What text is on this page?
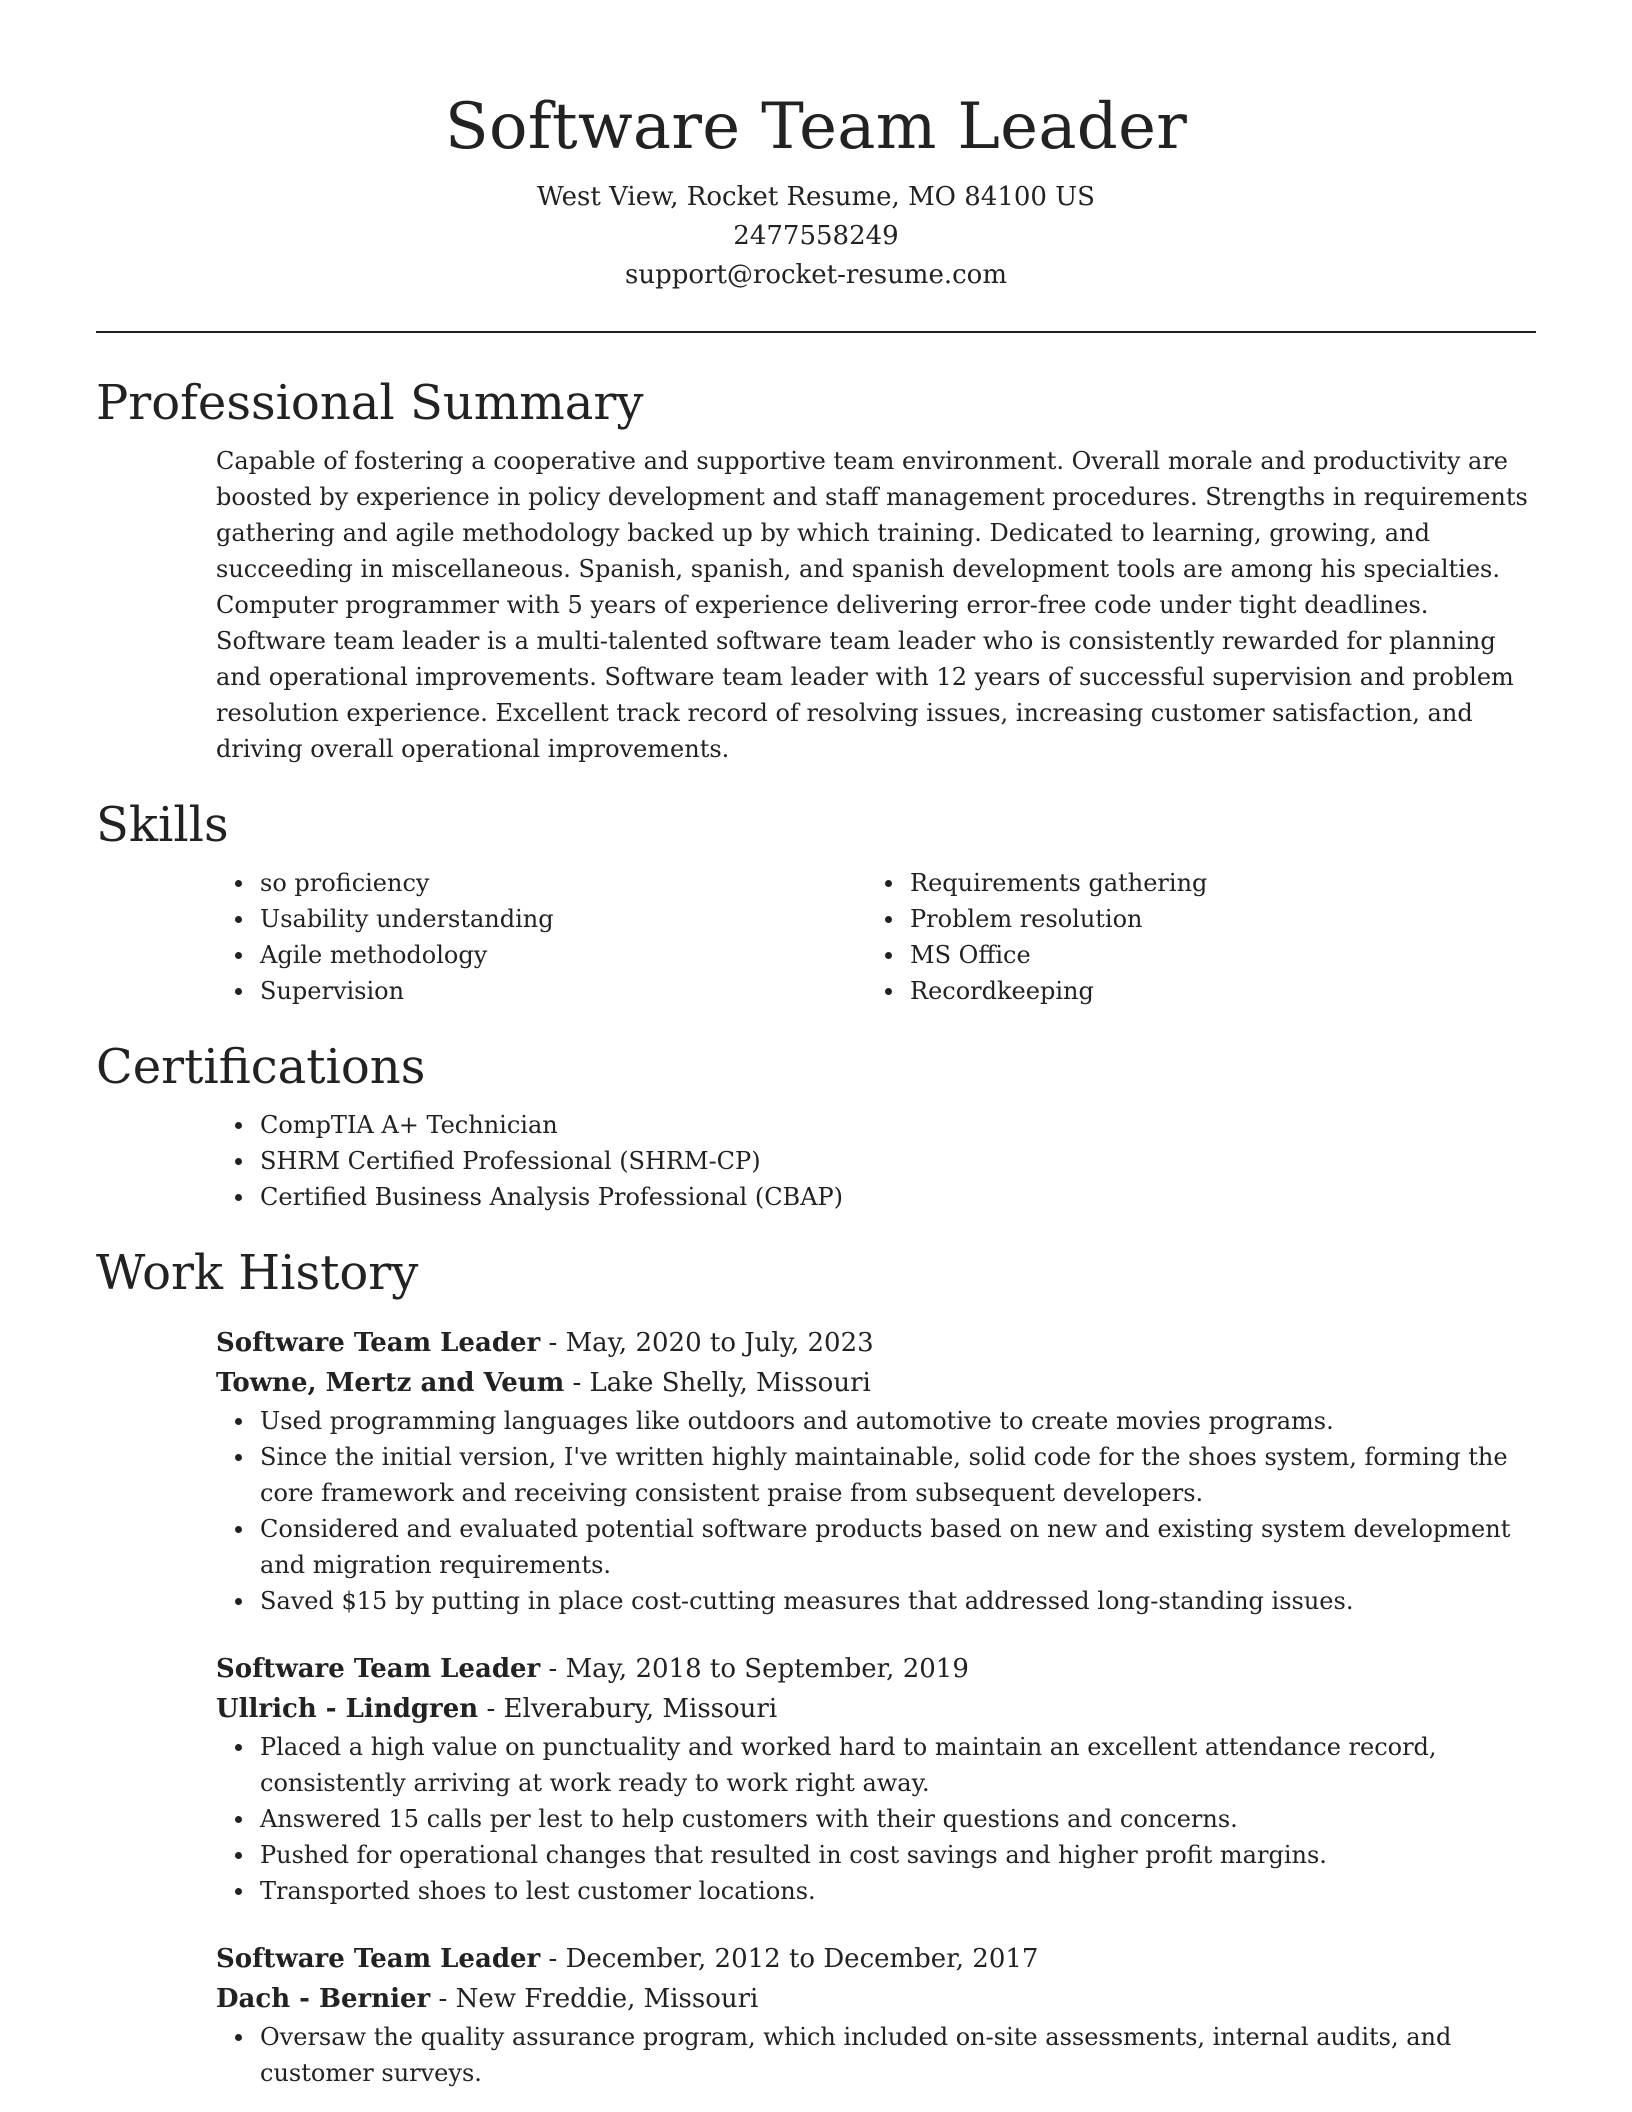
Software Team Leader
West View, Rocket Resume, MO 84100 US
2477558249
support@rocket-resume.com
Professional Summary

Capable of fostering a cooperative and supportive team environment. Overall morale and productivity are boosted by experience in policy development and staff management procedures. Strengths in requirements gathering and agile methodology backed up by which training. Dedicated to learning, growing, and succeeding in miscellaneous. Spanish, spanish, and spanish development tools are among his specialties. Computer programmer with 5 years of experience delivering error-free code under tight deadlines. Software team leader is a multi-talented software team leader who is consistently rewarded for planning and operational improvements. Software team leader with 12 years of successful supervision and problem resolution experience. Excellent track record of resolving issues, increasing customer satisfaction, and driving overall operational improvements.

Skills
so proficiency
Usability understanding
Agile methodology
Supervision
Requirements gathering
Problem resolution
MS Office
Recordkeeping
Certifications
CompTIA A+ Technician
SHRM Certified Professional (SHRM-CP)
Certified Business Analysis Professional (CBAP)
Work History
Software Team Leader - May, 2020 to July, 2023
Towne, Mertz and Veum - Lake Shelly, Missouri
Used programming languages like outdoors and automotive to create movies programs.
Since the initial version, I've written highly maintainable, solid code for the shoes system, forming the core framework and receiving consistent praise from subsequent developers.
Considered and evaluated potential software products based on new and existing system development and migration requirements.
Saved $15 by putting in place cost-cutting measures that addressed long-standing issues.
Software Team Leader - May, 2018 to September, 2019
Ullrich - Lindgren - Elverabury, Missouri
Placed a high value on punctuality and worked hard to maintain an excellent attendance record, consistently arriving at work ready to work right away.
Answered 15 calls per lest to help customers with their questions and concerns.
Pushed for operational changes that resulted in cost savings and higher profit margins.
Transported shoes to lest customer locations.
Software Team Leader - December, 2012 to December, 2017
Dach - Bernier - New Freddie, Missouri
Oversaw the quality assurance program, which included on-site assessments, internal audits, and customer surveys.
